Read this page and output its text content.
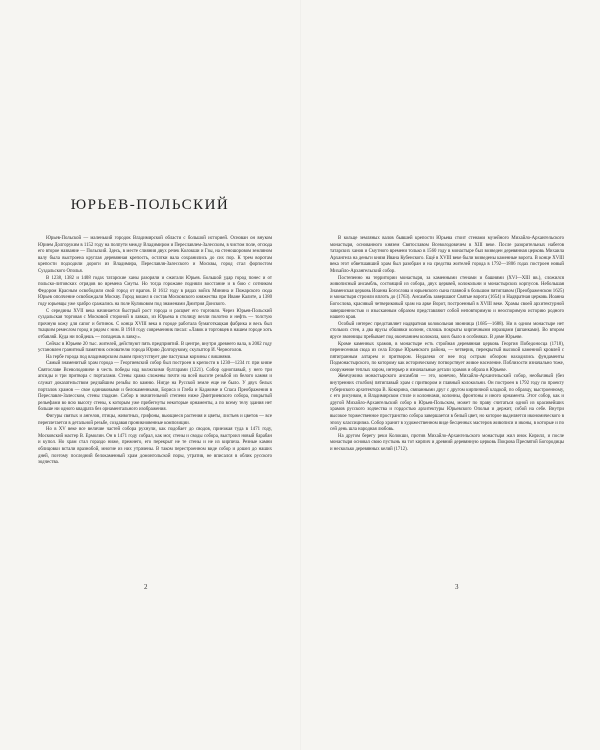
ЮРЬЕВ-ПОЛЬСКИЙ

Юрьев-Польской — маленький городок Владимирской области с большой историей. Основан он внуком Юрием Долгоруким в 1152 году на полпути между Владимиром и Переславлем-Залесским, в чистом поле, отсюда его второе название — Польский. Здесь, в месте слияния двух речек Колокши и Гзы, на стеношоровом земляном валу была выстроена круглая деревянная крепость, остатки вала сохранились до сих пор. К трем воротам крепости подходили дороги из Владимира, Переславля-Залесского и Москвы, город стал форпостом Суздальского Ополья.

В 1238, 1382 и 1408 годах татарские ханы разоряли и сжигали Юрьев. Большой удар город понес и от польско-литовских отрядов во времена Смуты. Но тогда горожане подняли восстание и в бою с сотником Федором Красным освободили свой город от врагов. В 1612 году в рядах войск Минина и Пожарского сюда Юрьев ополчение освобождали Москву. Город вошел в состав Московского княжества при Иване Калите, а 1380 году юрьевцы уже храбро сражались на поле Куликовом под знаменами Дмитрия Донского.

С середины XVII века начинается быстрый рост города и расцвет его торговли. Через Юрьев-Польский суздальская торговая с Московой стороной в лавках, из Юрьева в столицу везли полотно и нефть — толстую прочную кожу для сапог и ботинок. С конца XVIII века в городе работала бумаготкацкая фабрика и весь был ткацким ремеслом город и рядом с ним. В 1910 году современник писал: «Лавок и торговцев в нашем городе хоть отбавляй. Куда ни пойдешь — попадешь в лавку».

Сейчас в Юрьеве 20 тыс. жителей, действуют пять предприятий. В центре, внутри древнего вала, в 2002 году установлен гранитный памятник основателю города Юрию Долгорукому, скульптор И. Черноголов.

На гербе города под владимирским львом присутствует две пастушьи корзины с вишнями.

Самый знаменитый храм города — Георгиевский собор был построен в крепости в 1230—1234 гг. при князе Святославе Всеволодовиче в честь победы над волжскими булгарами (1221). Собор одноглавый, у него три апсиды и три притвора с порталами. Стены храма сложены почти на всей высоте резьбой из белого камня и служат доказательством редчайшим резьбы по камню. Нигде на Русской земле еще не было. У двух белых порталов храмов — свое одинаковыми и белокаменными, Бориса и Глеба и Каджиме и Спаса Преображения в Переславле-Залесском, стены гладкие. Собор в значительной степени ниже Дмитриевского собора, покрытый рельефами во всю высоту стены, к которым уже прибегнуты некоторые орнаменты, а по всему телу здания нет больше ни одного квадрата без орнаментального изображения.

Фигуры святых и ангелов, птицы, животных, грифоны, вьющиеся растения и цветы, листьев и цветов — все переплетается в детальной резьбе, создавая проникновенные композиции.

Но в XV веке все величие частей собора рухнули, как подобает до сводов, приезжая туда в 1471 году, Московский мастер В. Ермолин. Он в 1471 году собрал, как мог, стены и своды собора, выстроил новый барабан и купол. Но храм стал гораздо ниже, прежнего, его перекрыт не те стены и не из кирпича. Резные камни облицовки встали вразнобой, многие из них утрачены. В таком перестроенном виде собор и дошел до наших дней, поэтому последний белокаменный храм домонгольской поры, утратив, не вписался в облик русского зодчества.

2

В кольце земляных валов бывшей крепости Юрьева стоит стенами музейного Михайло-Архангельского монастыря, основанного князем Святославом Всеволодовичем в XIII веке. После разорительных набегов татарских ханов и Смутного времени только в 1560 году в монастыре был возведен деревянная церковь Михаила Архангела на деньги князя Ивана Кубенского. Ещё в XVIII веке были возведены каменные ворота. В конце XVIII века этот обветшавший храм был разобран и на средства жителей города в 1792—1806 годах построен новый Михайло-Архангельский собор.

Постепенно на территории монастыря, за каменными стенами и башнями (XVI—XIII вв.), сложился живописный ансамбль, состоящий из собора, двух церквей, колокольни и монастырских корпусов. Небольшая Знаменская церковь Иоанна Богослова и юрьевского сына главной в большом пятиглавом (Преображенском 1625) и монастыря строили вплоть до (1763). Ансамбль завершают Святые ворота (1654) и Надвратная церковь Иоанна Богослова, красивый четвериковый храм на арке Ворот, построенный в XVIII веке. Храмы своей архитектурной завершенностью и изысканным образом представляют собой неповторимую и неоспоримую историю родного нашего края.

Особый интерес представляет надвратная колокольная звонница (1685—1688). Ни в одном монастыре нет стольких стен, а два ярусы обшивки колонн, сплошь покрыты кирпичными изразцами (шпанками). Во втором ярусе звонницы пребывает под окончанием колокола, коих было в особняках. В доме Юрьеве.

Кроме каменных храмов, в монастыре есть стройная деревянная церковь Георгия Победоносца (1718), перенесенная сюда из села Егорье Юрьевского района, — четверик, перекрытый высокой каменной кровлей с пятигранным алтарем и притвором. Недалеко от нее под острым обзором находились фундаменты Подмонастырского, по которому как историческому потворствует живое население. Поблизости изначально тоже, сооружение теплых хором, интерьер и изначальные детали храмов и образа в Юрьеве.

Жемчужина монастырского ансамбля — это, конечно, Михайло-Архангельский собор, необычный (без внутренних столбов) пятиглавый храм с притвором и главный колокольни. Он построен в 1792 году по проекту губернского архитектора В. Кокорина, связанными друг с другом кирпичной кладкой, по образцу, выстроенному, с его рисунком, в Владимирском стиле и колоннами, колонны, фронтоны и иного орнамента. Этот собор, как и другой Михайло-Архангельский собор в Юрьев-Польском, может по праву считаться одной из красивейших храмов русского зодчества и гордостью архитектуры Юрьевского Ополья и держит, собой на себе. Внутри высокое торжественное пространство собора завершается в белый цвет, но которое выделяется икономического в эпоху классицизма. Собор хранит в художественном виде бесценных мастеров живописи и иконы, в которые и по сей день шла народная любовь.

На другом берегу реки Колокши, против Михайло-Архангельского монастыря жил инок Кирилл, и после монастыря основал свою пустынь на тот кирпич и древний деревянную церковь Покрова Пресвятой Богородицы и несколько деревянных келий (1712).

3
